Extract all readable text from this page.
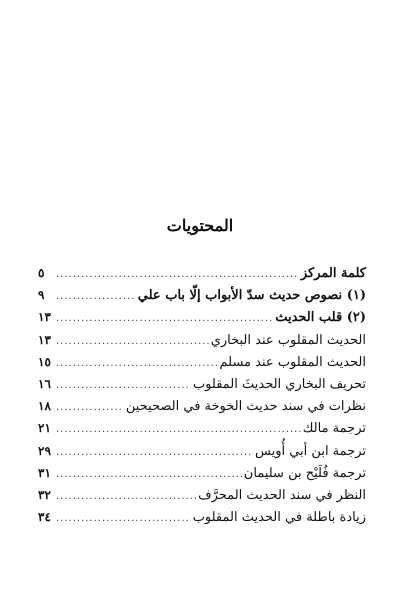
المحتويات
كلمة المركز
.....
٥
(١) نصوص حديث سدّ الأبواب إلّا باب علي
.....
٩
(٢) قلب الحديث
.....
١٣
الحديث المقلوب عند البخاري
.....
١٣
الحديث المقلوب عند مسلم
.....
١٥
تحريف البخاري الحديثَ المقلوب
.....
١٦
نظرات في سند حديث الخوخة في الصحيحين
.....
١٨
ترجمة مالك
.....
٢١
ترجمة ابن أبي أُويس
.....
٢٩
ترجمة فُلَيْح بن سليمان
.....
٣١
النظر في سند الحديث المحرَّف
.....
٣٢
زيادة باطلة في الحديث المقلوب
.....
٣٤
